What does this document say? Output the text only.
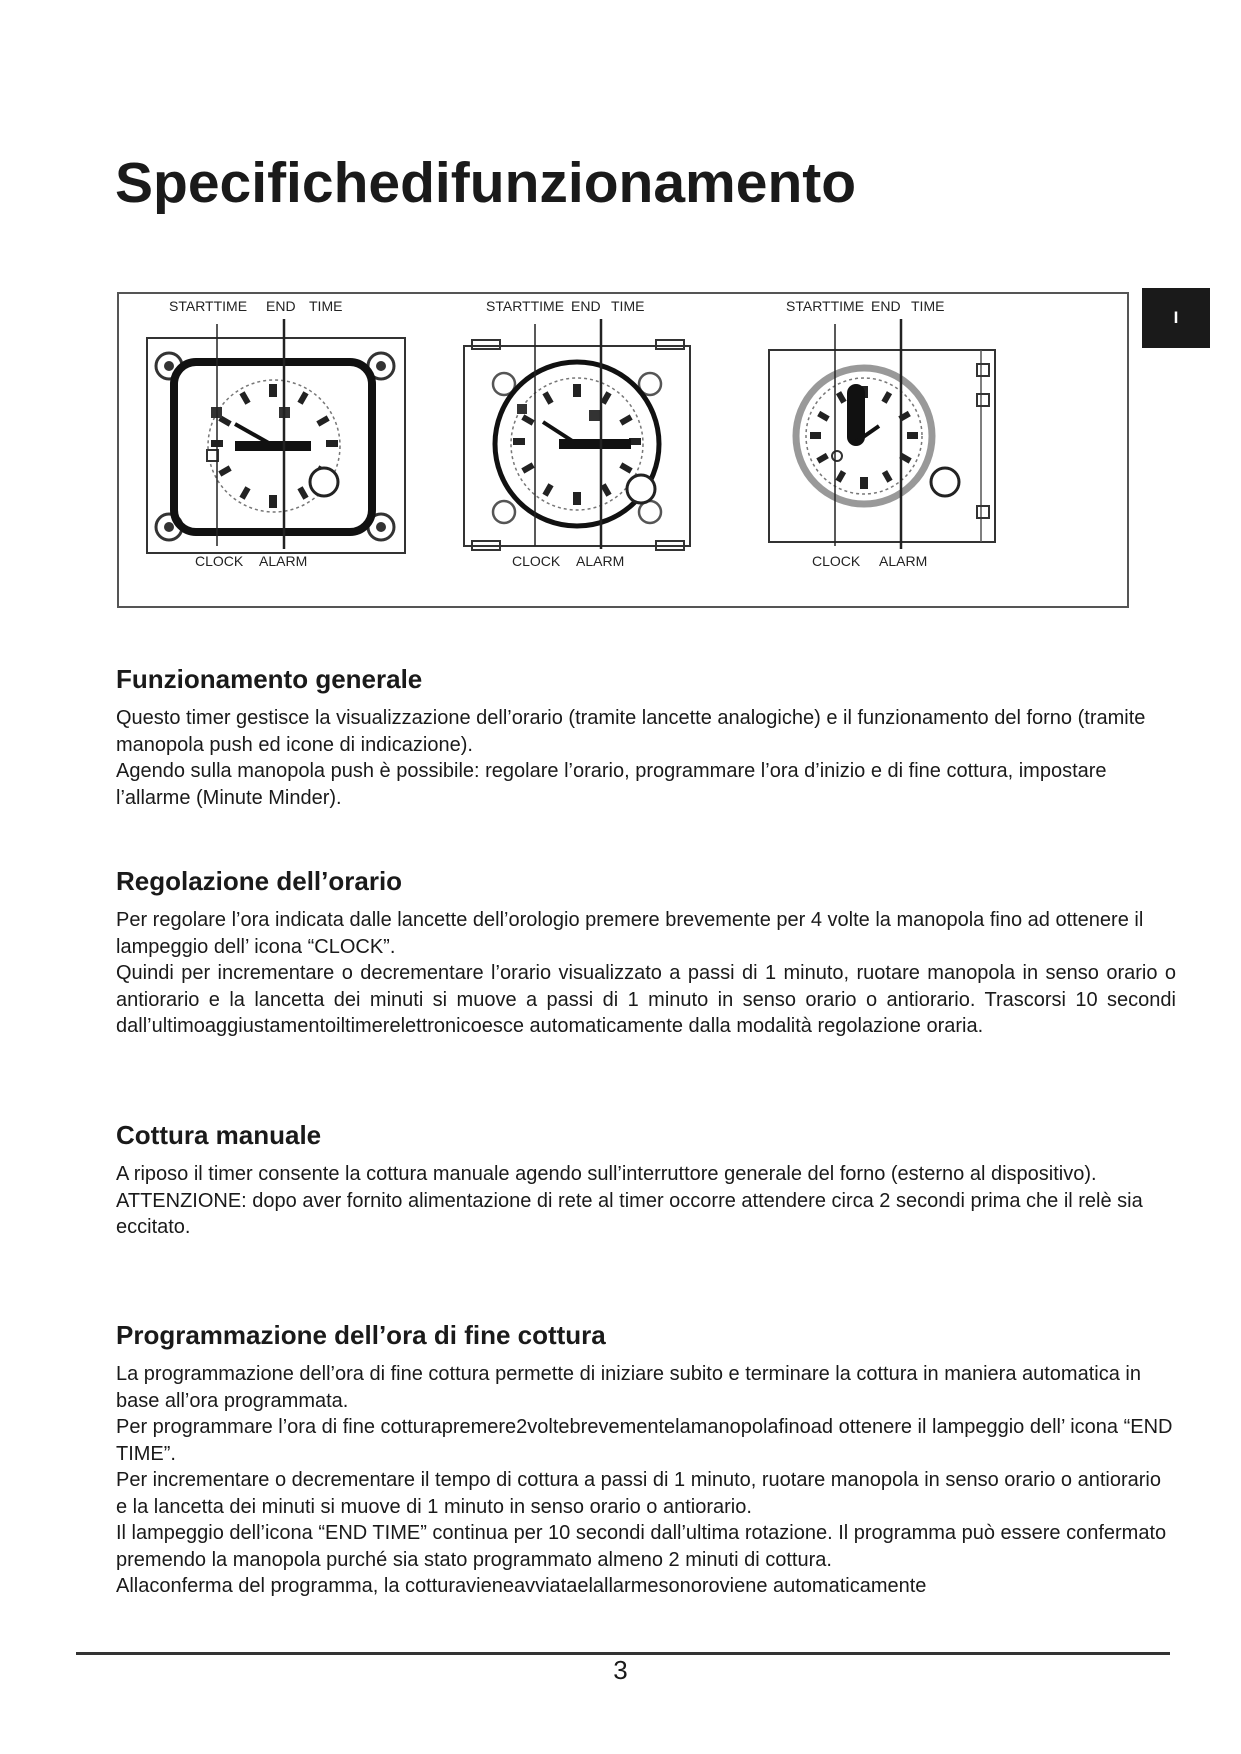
Specifichedifunzionamento
I
STARTTIME END TIME
CLOCK ALARM
STARTTIME END TIME
CLOCK ALARM
STARTTIME END TIME
CLOCK ALARM
Funzionamento generale

Questo timer gestisce la visualizzazione dell’orario (tramite lancette analogiche) e il funzionamento del forno (tramite manopola push ed icone di indicazione).

Agendo sulla manopola push è possibile: regolare l’orario, programmare l’ora d’inizio e di fine cottura, impostare l’allarme (Minute Minder).

Regolazione dell’orario

Per regolare l’ora indicata dalle lancette dell’orologio premere brevemente per 4 volte la manopola fino ad ottenere il lampeggio dell’ icona “CLOCK”.

Quindi per incrementare o decrementare l’orario visualizzato a passi di 1 minuto, ruotare manopola in senso orario o antiorario e la lancetta dei minuti si muove a passi di 1 minuto in senso orario o antiorario. Trascorsi 10 secondi dall’ultimoaggiustamentoiltimerelettronicoesce automaticamente dalla modalità regolazione oraria.

Cottura manuale

A riposo il timer consente la cottura manuale agendo sull’interruttore generale del forno (esterno al dispositivo).

ATTENZIONE: dopo aver fornito alimentazione di rete al timer occorre attendere circa 2 secondi prima che il relè sia eccitato.

Programmazione dell’ora di fine cottura

La programmazione dell’ora di fine cottura permette di iniziare subito e terminare la cottura in maniera automatica in base all’ora programmata.

Per programmare l’ora di fine cotturapremere2voltebrevementelamanopolafinoad ottenere il lampeggio dell’ icona “END TIME”.

Per incrementare o decrementare il tempo di cottura a passi di 1 minuto, ruotare manopola in senso orario o antiorario e la lancetta dei minuti si muove di 1 minuto in senso orario o antiorario.

Il lampeggio dell’icona “END TIME” continua per 10 secondi dall’ultima rotazione. Il programma può essere confermato premendo la manopola purché sia stato programmato almeno 2 minuti di cottura.

Allaconferma del programma, la cotturavieneavviataelallarmesonoroviene automaticamente

3
